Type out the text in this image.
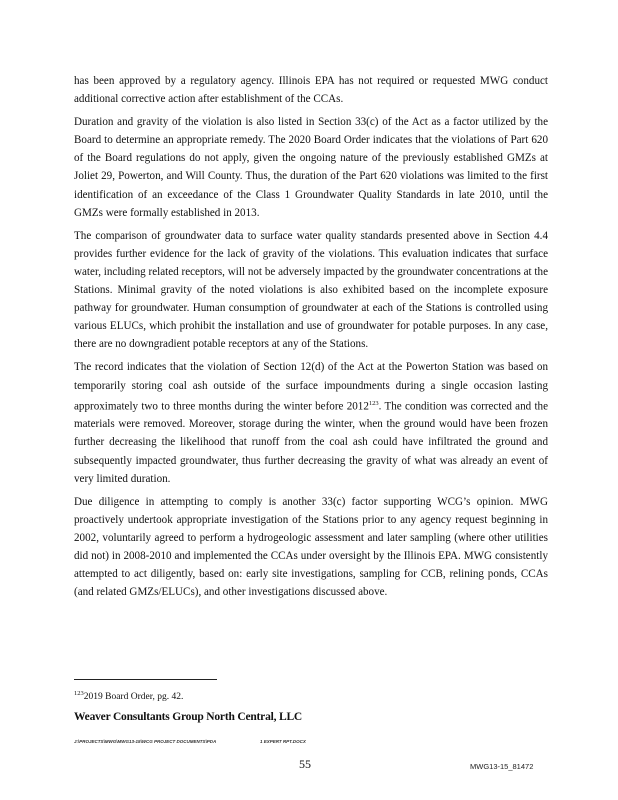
has been approved by a regulatory agency. Illinois EPA has not required or requested MWG conduct additional corrective action after establishment of the CCAs.

Duration and gravity of the violation is also listed in Section 33(c) of the Act as a factor utilized by the Board to determine an appropriate remedy. The 2020 Board Order indicates that the violations of Part 620 of the Board regulations do not apply, given the ongoing nature of the previously established GMZs at Joliet 29, Powerton, and Will County. Thus, the duration of the Part 620 violations was limited to the first identification of an exceedance of the Class 1 Groundwater Quality Standards in late 2010, until the GMZs were formally established in 2013.

The comparison of groundwater data to surface water quality standards presented above in Section 4.4 provides further evidence for the lack of gravity of the violations. This evaluation indicates that surface water, including related receptors, will not be adversely impacted by the groundwater concentrations at the Stations. Minimal gravity of the noted violations is also exhibited based on the incomplete exposure pathway for groundwater. Human consumption of groundwater at each of the Stations is controlled using various ELUCs, which prohibit the installation and use of groundwater for potable purposes. In any case, there are no downgradient potable receptors at any of the Stations.

The record indicates that the violation of Section 12(d) of the Act at the Powerton Station was based on temporarily storing coal ash outside of the surface impoundments during a single occasion lasting approximately two to three months during the winter before 2012$^{123}$. The condition was corrected and the materials were removed. Moreover, storage during the winter, when the ground would have been frozen further decreasing the likelihood that runoff from the coal ash could have infiltrated the ground and subsequently impacted groundwater, thus further decreasing the gravity of what was already an event of very limited duration.

Due diligence in attempting to comply is another 33(c) factor supporting WCG’s opinion. MWG proactively undertook appropriate investigation of the Stations prior to any agency request beginning in 2002, voluntarily agreed to perform a hydrogeologic assessment and later sampling (where other utilities did not) in 2008-2010 and implemented the CCAs under oversight by the Illinois EPA. MWG consistently attempted to act diligently, based on: early site investigations, sampling for CCB, relining ponds, CCAs (and related GMZs/ELUCs), and other investigations discussed above.

$^{123}$2019 Board Order, pg. 42.
Weaver Consultants Group North Central, LLC
J:\PROJECTS\MWG\MWG13-15\WCG PROJECT DOCUMENTS\PDA	1 EXPERT RPT.DOCX
55	MWG13-15_81472
